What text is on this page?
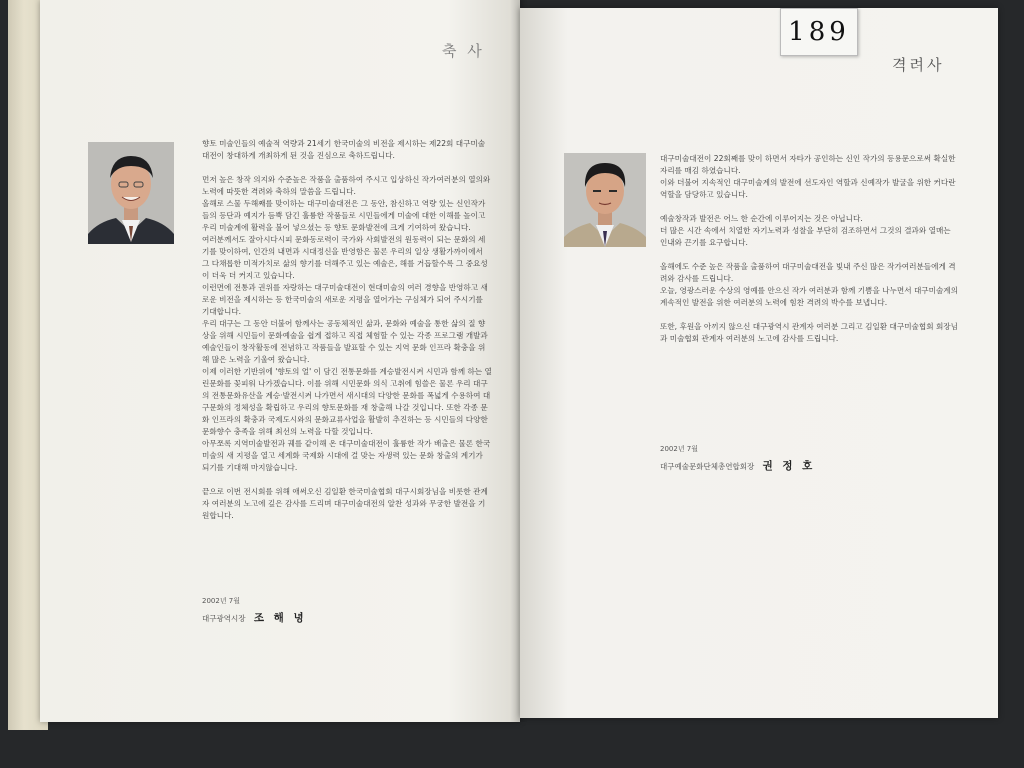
축 사

향토 미술인들의 예술적 역량과 21세기 한국미술의 비전을 제시하는 제22회 대구미술대전이 창대하게 개최하게 된 것을 진심으로 축하드립니다.

먼저 높은 창작 의지와 수준높은 작품을 출품하여 주시고 입상하신 작가여러분의 열의와 노력에 따뜻한 격려와 축하의 말씀을 드립니다.

올해로 스물 두해째를 맞이하는 대구미술대전은 그 동안, 참신하고 역량 있는 신인작가들의 등단과 예지가 듬뿍 담긴 훌륭한 작품들로 시민들에게 미술에 대한 이해를 높이고 우리 미술계에 활력을 불어 넣으셨는 등 향토 문화발전에 크게 기여하여 왔습니다.

여러분께서도 잘아시다시피 문화동로력이 국가와 사회발전의 원동력이 되는 문화의 세기를 맞이하여, 인간의 내면과 시대정신을 반영함은 물론 우리의 일상 생활가까이에서 그 다채롭한 미적가치로 삶의 향기를 더해주고 있는 예술은, 해를 거듭할수록 그 중요성이 더욱 더 커지고 있습니다.

이런면에 전통과 권위를 자랑하는 대구미술대전이 현대미술의 여러 경향을 반영하고 새로운 비전을 제시하는 등 한국미술의 새로운 지평을 열어가는 구심체가 되어 주시기를 기대합니다.

우리 대구는 그 동안 더불어 함께사는 공동체적인 삶과, 문화와 예술을 통한 삶의 질 향상을 위해 시민들이 문화예술을 쉽게 접하고 직접 체험할 수 있는 각종 프로그램 개발과 예술인들이 창작활동에 전념하고 작품들을 발표할 수 있는 지역 문화 인프라 확충을 위해 많은 노력을 기울여 왔습니다.

이제 이러한 기반위에 '향토의 얼' 이 담긴 전통문화를 계승발전시켜 시민과 함께 하는 열린문화를 꽃피워 나가겠습니다. 이를 위해 시민문화 의식 고취에 힘쓸은 물론 우리 대구의 전통문화유산을 계승·발전시켜 나가면서 새시대의 다양한 문화를 폭넓게 수용하여 대구문화의 정체성을 확립하고 우리의 향토문화를 재 창출해 나갈 것입니다. 또한 각종 문화 인프라의 확충과 국제도시와의 문화교류사업을 활발히 추진하는 등 시민들의 다양한 문화향수 충족을 위해 최선의 노력을 다할 것입니다.

아무쪼록 지역미술발전과 궤를 같이해 온 대구미술대전이 훌륭한 작가 배출은 물론 한국미술의 새 지평을 열고 세계화 국제화 시대에 걸 맞는 자생력 있는 문화 창출의 계기가 되기를 기대해 마지않습니다.

끝으로 이번 전시회를 위해 애써오신 김일환 한국미술협회 대구시회장님을 비롯한 관계자 여러분의 노고에 깊은 감사를 드리며 대구미술대전의 알찬 성과와 무궁한 발전을 기원합니다.

2002년 7월
대구광역시장 조 해 녕
격려사

대구미술대전이 22회째를 맞이 하면서 자타가 공인하는 신인 작가의 등용문으로써 확실한 자리를 매김 하였습니다.

이와 더불어 지속적인 대구미술계의 발전에 선도자인 역할과 신예작가 발굴을 위한 커다란 역할을 담당하고 있습니다.

예술창작과 발전은 어느 한 순간에 이루어지는 것은 아닙니다.

더 많은 시간 속에서 치열한 자기노력과 성찰을 부단히 검조하면서 그것의 결과와 열매는 인내와 끈기를 요구합니다.

올해에도 수준 높은 작품을 출품하여 대구미술대전을 빛내 주신 많은 작가여러분들에게 격려와 감사를 드립니다.

오늘, 영광스러운 수상의 영예를 안으신 작가 여러분과 함께 기쁨을 나누면서 대구미술계의 계속적인 발전을 위한 여러분의 노력에 힘찬 격려의 박수를 보냅니다.

또한, 후원을 아끼지 않으신 대구광역시 관계자 여러분 그리고 김일환 대구미술협회 회장님과 미술협회 관계자 여러분의 노고에 감사를 드립니다.

2002년 7월
대구예술문화단체총연합회장 권 정 호
189
